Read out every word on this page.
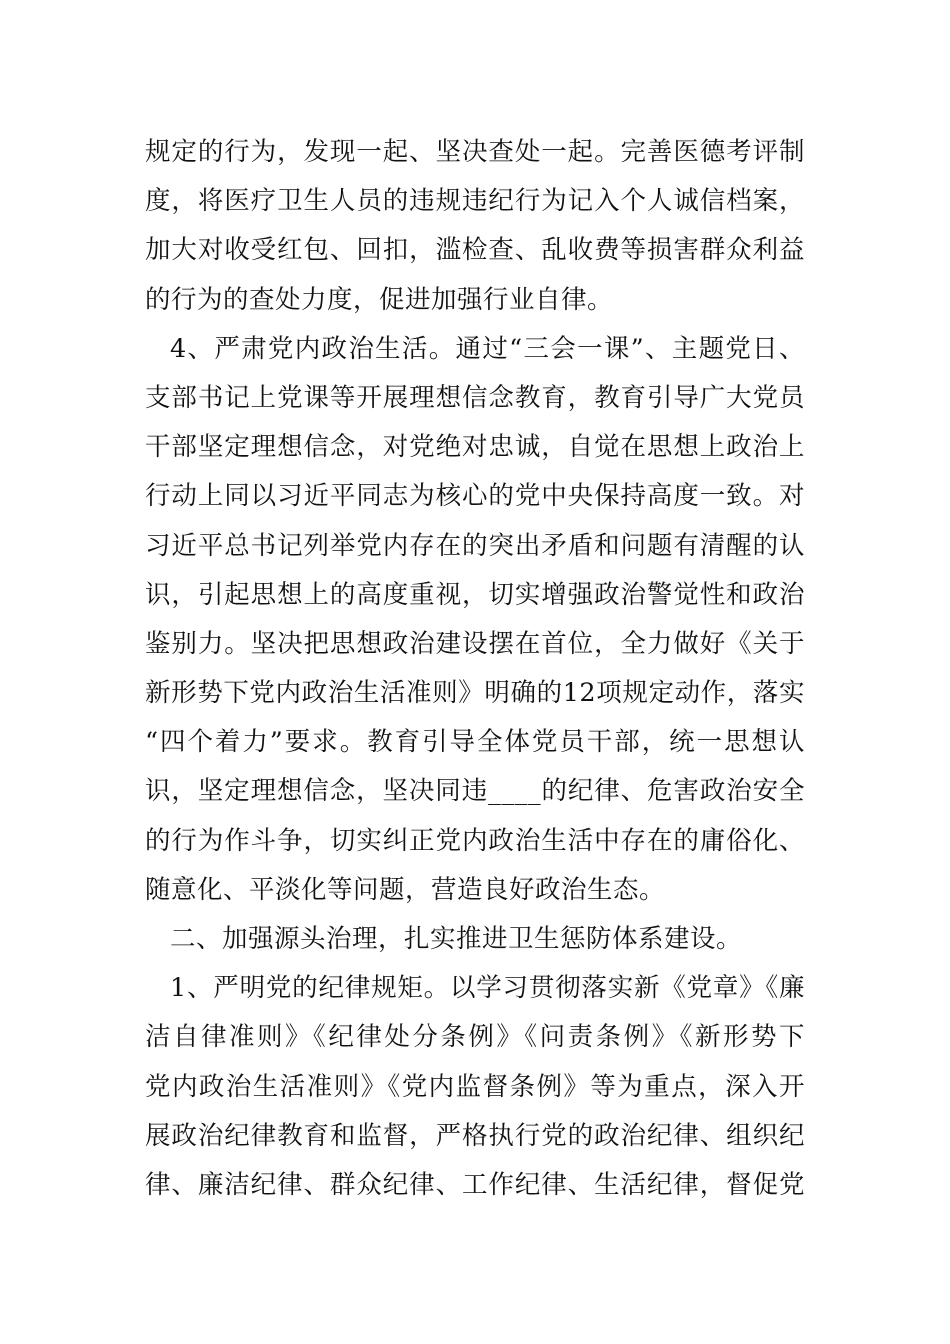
规定的行为，发现一起、坚决查处一起。完善医德考评制
度，将医疗卫生人员的违规违纪行为记入个人诚信档案，
加大对收受红包、回扣，滥检查、乱收费等损害群众利益
的行为的查处力度，促进加强行业自律。
4、严肃党内政治生活。通过“三会一课”、主题党日、
支部书记上党课等开展理想信念教育，教育引导广大党员
干部坚定理想信念，对党绝对忠诚，自觉在思想上政治上
行动上同以习近平同志为核心的党中央保持高度一致。对
习近平总书记列举党内存在的突出矛盾和问题有清醒的认
识，引起思想上的高度重视，切实增强政治警觉性和政治
鉴别力。坚决把思想政治建设摆在首位，全力做好《关于
新形势下党内政治生活准则》明确的12项规定动作，落实
“四个着力”要求。教育引导全体党员干部，统一思想认
识，坚定理想信念，坚决同违____的纪律、危害政治安全
的行为作斗争，切实纠正党内政治生活中存在的庸俗化、
随意化、平淡化等问题，营造良好政治生态。
二、加强源头治理，扎实推进卫生惩防体系建设。
1、严明党的纪律规矩。以学习贯彻落实新《党章》《廉
洁自律准则》《纪律处分条例》《问责条例》《新形势下
党内政治生活准则》《党内监督条例》等为重点，深入开
展政治纪律教育和监督，严格执行党的政治纪律、组织纪
律、廉洁纪律、群众纪律、工作纪律、生活纪律，督促党
